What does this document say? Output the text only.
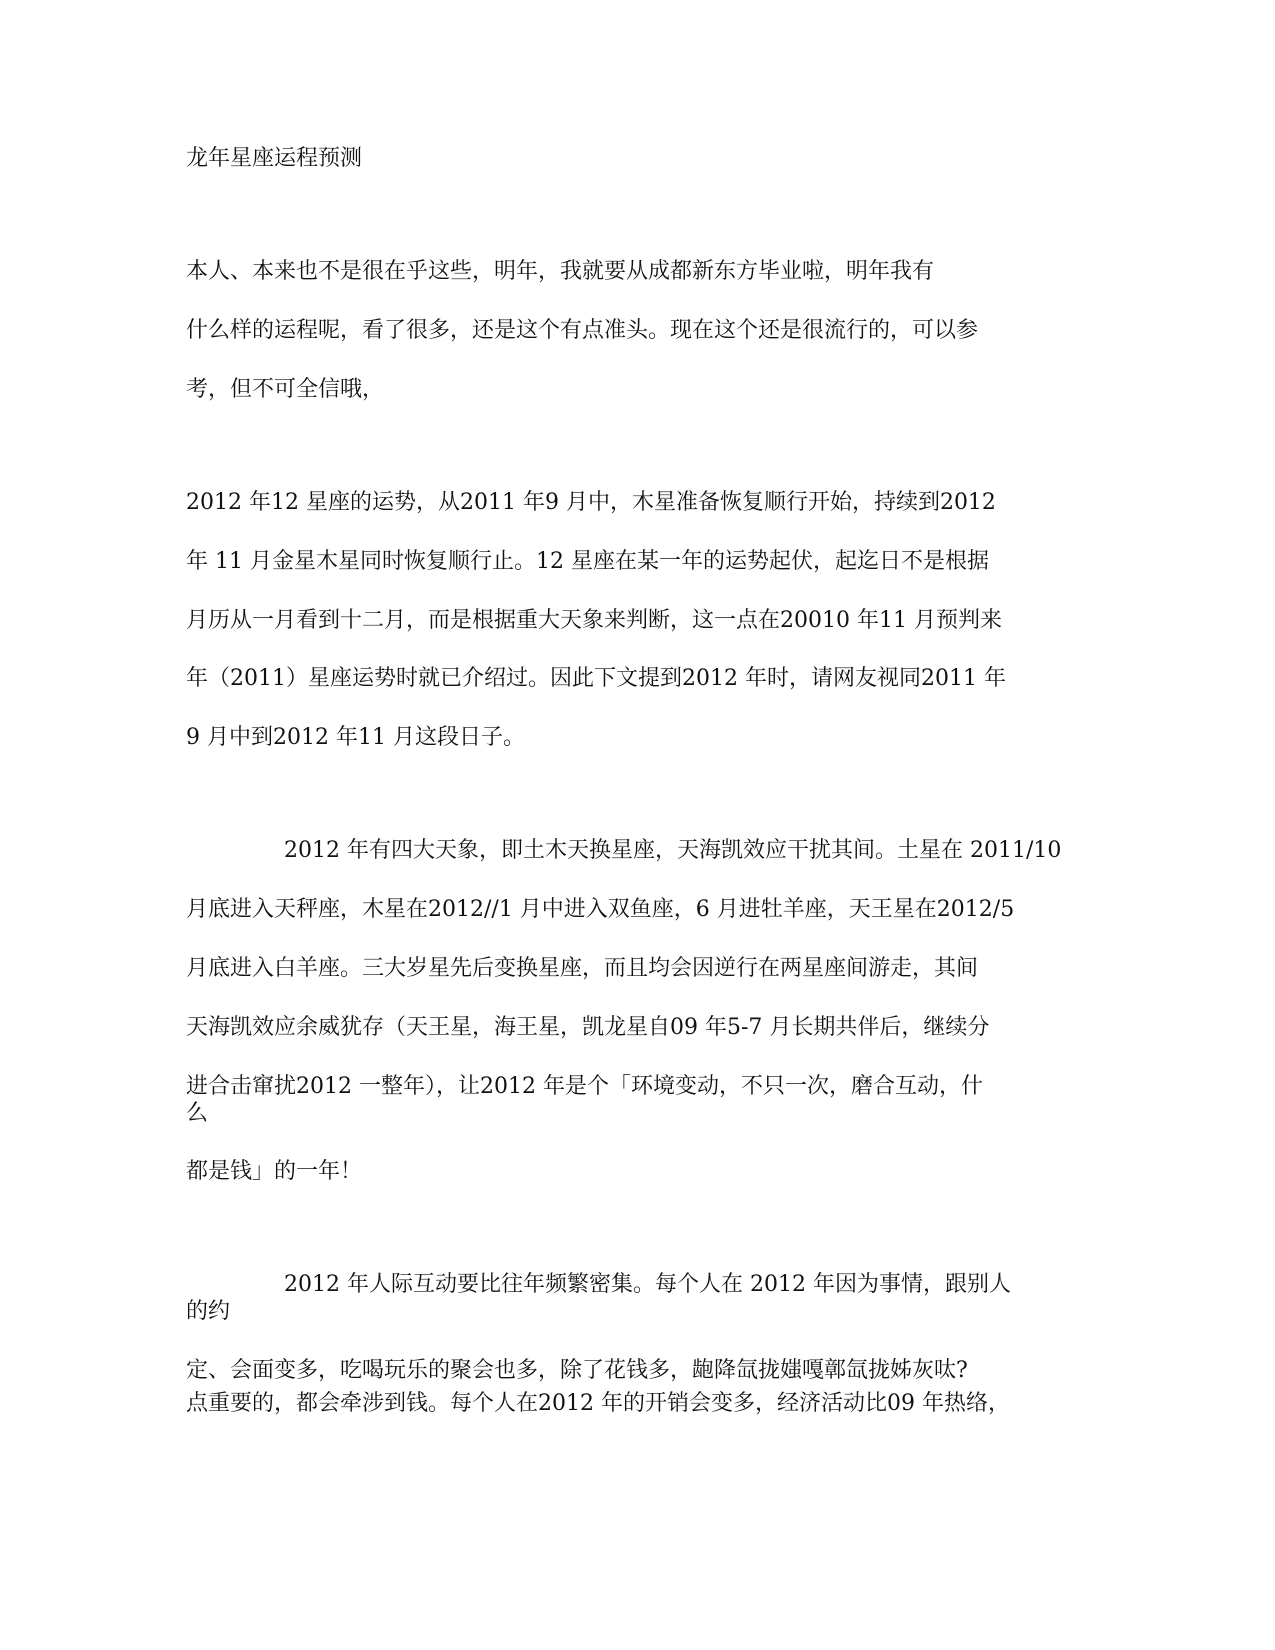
龙年星座运程预测
本人、本来也不是很在乎这些，明年，我就要从成都新东方毕业啦，明年我有
什么样的运程呢，看了很多，还是这个有点准头。现在这个还是很流行的，可以参
考，但不可全信哦，
2012 年12 星座的运势，从2011 年9 月中，木星准备恢复顺行开始，持续到2012
年 11 月金星木星同时恢复顺行止。12 星座在某一年的运势起伏，起迄日不是根据
月历从一月看到十二月，而是根据重大天象来判断，这一点在20010 年11 月预判来
年（2011）星座运势时就已介绍过。因此下文提到2012 年时，请网友视同2011 年
9 月中到2012 年11 月这段日子。
2012 年有四大天象，即土木天换星座，天海凯效应干扰其间。土星在 2011/10
月底进入天秤座，木星在2012//1 月中进入双鱼座，6 月进牡羊座，天王星在2012/5
月底进入白羊座。三大岁星先后变换星座，而且均会因逆行在两星座间游走，其间
天海凯效应余威犹存（天王星，海王星，凯龙星自09 年5-7 月长期共伴后，继续分
进合击窜扰2012 一整年），让2012 年是个「环境变动，不只一次，磨合互动，什
么
都是钱」的一年！
2012 年人际互动要比往年频繁密集。每个人在 2012 年因为事情，跟别人
的约
定、会面变多，吃喝玩乐的聚会也多，除了花钱多，龅降氙拢媸嘎鄣氙拢姊灰呔?
点重要的，都会牵涉到钱。每个人在2012 年的开销会变多，经济活动比09 年热络，
